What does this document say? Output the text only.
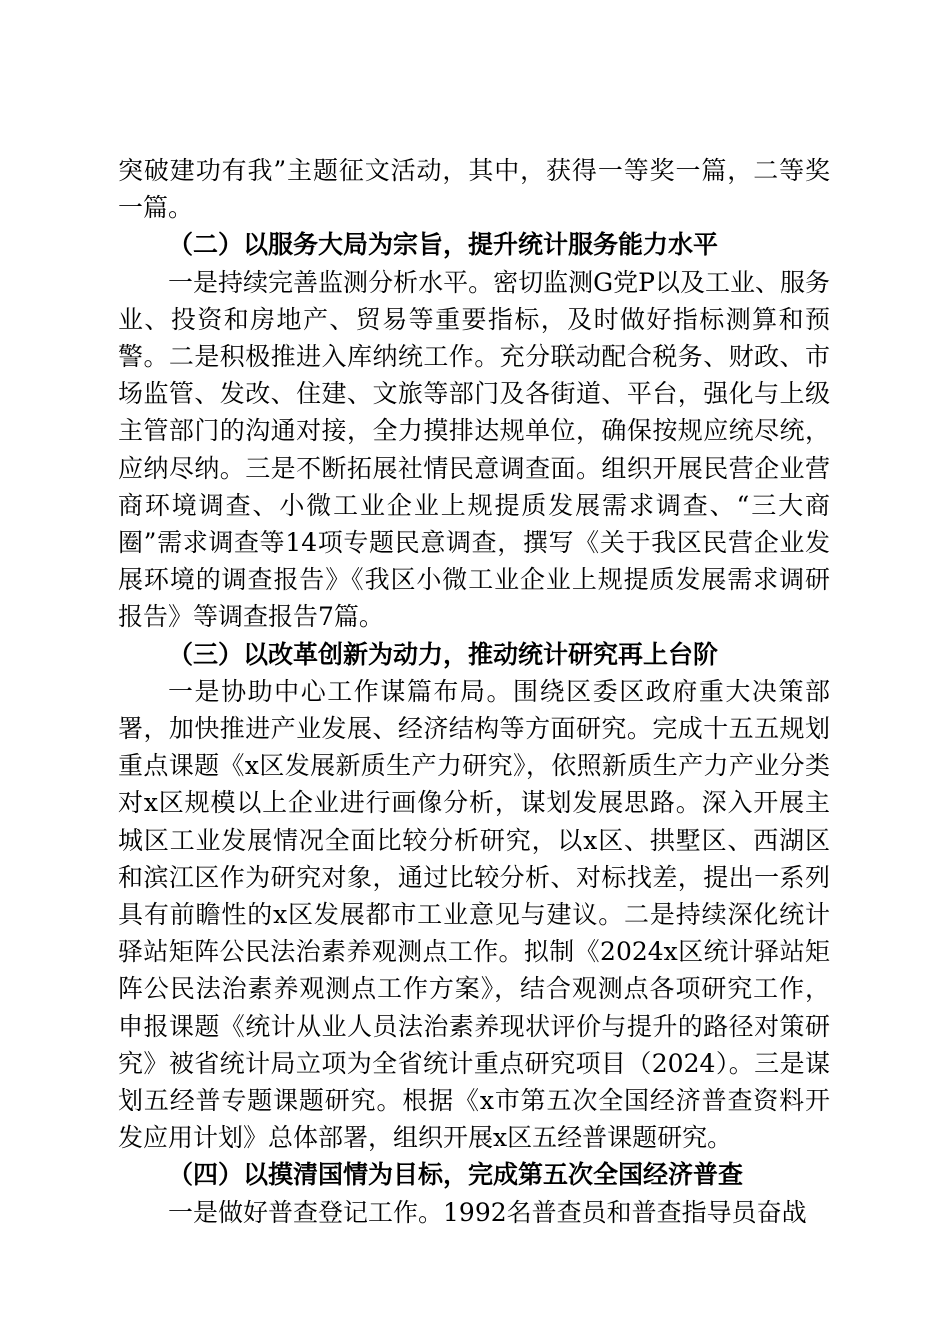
突破建功有我”主题征文活动，其中，获得一等奖一篇，二等奖一篇。

（二）以服务大局为宗旨，提升统计服务能力水平

一是持续完善监测分析水平。密切监测G党P以及工业、服务业、投资和房地产、贸易等重要指标，及时做好指标测算和预警。二是积极推进入库纳统工作。充分联动配合税务、财政、市场监管、发改、住建、文旅等部门及各街道、平台，强化与上级主管部门的沟通对接，全力摸排达规单位，确保按规应统尽统，应纳尽纳。三是不断拓展社情民意调查面。组织开展民营企业营商环境调查、小微工业企业上规提质发展需求调查、“三大商圈”需求调查等14项专题民意调查，撰写《关于我区民营企业发展环境的调查报告》《我区小微工业企业上规提质发展需求调研报告》等调查报告7篇。

（三）以改革创新为动力，推动统计研究再上台阶

一是协助中心工作谋篇布局。围绕区委区政府重大决策部署，加快推进产业发展、经济结构等方面研究。完成十五五规划重点课题《x区发展新质生产力研究》，依照新质生产力产业分类对x区规模以上企业进行画像分析，谋划发展思路。深入开展主城区工业发展情况全面比较分析研究，以x区、拱墅区、西湖区和滨江区作为研究对象，通过比较分析、对标找差，提出一系列具有前瞻性的x区发展都市工业意见与建议。二是持续深化统计驿站矩阵公民法治素养观测点工作。拟制《2024x区统计驿站矩阵公民法治素养观测点工作方案》，结合观测点各项研究工作，申报课题《统计从业人员法治素养现状评价与提升的路径对策研究》被省统计局立项为全省统计重点研究项目（2024）。三是谋划五经普专题课题研究。根据《x市第五次全国经济普查资料开发应用计划》总体部署，组织开展x区五经普课题研究。

（四）以摸清国情为目标，完成第五次全国经济普查

一是做好普查登记工作。1992名普查员和普查指导员奋战
